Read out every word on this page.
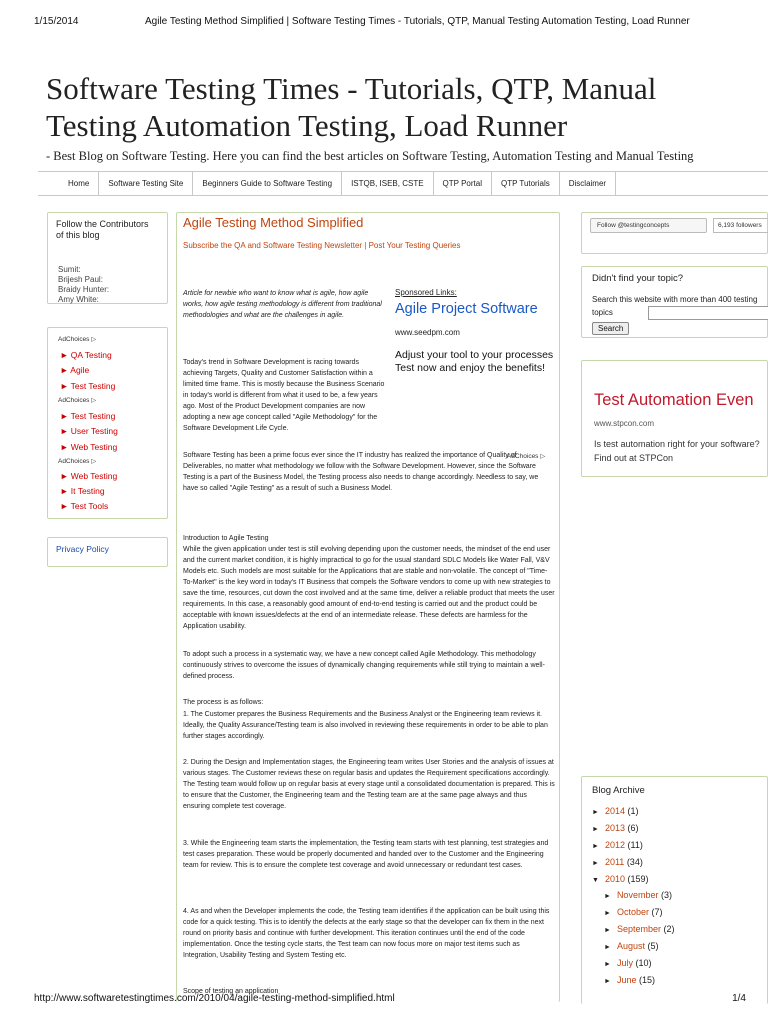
1/15/2014	Agile Testing Method Simplified | Software Testing Times - Tutorials, QTP, Manual Testing Automation Testing, Load Runner
Software Testing Times - Tutorials, QTP, Manual Testing Automation Testing, Load Runner
- Best Blog on Software Testing. Here you can find the best articles on Software Testing, Automation Testing and Manual Testing
Home	Software Testing Site	Beginners Guide to Software Testing	ISTQB, ISEB, CSTE	QTP Portal	QTP Tutorials	Disclaimer
Follow the Contributors of this blog
Sumit:
Brijesh Paul:
Braidy Hunter:
Amy White:
AdChoices ▷
► QA Testing
► Agile
► Test Testing
AdChoices ▷
► Test Testing
► User Testing
► Web Testing
AdChoices ▷
► Web Testing
► It Testing
► Test Tools
Privacy Policy
Agile Testing Method Simplified
Subscribe the QA and Software Testing Newsletter | Post Your Testing Queries
Article for newbie who want to know what is agile, how agile works, how agile testing methodology is different from traditional methodologies and what are the challenges in agile.
Sponsored Links:
Agile Project Software
www.seedpm.com
Adjust your tool to your processes Test now and enjoy the benefits!
AdChoices ▷
Today's trend in Software Development is racing towards achieving Targets, Quality and Customer Satisfaction within a limited time frame. This is mostly because the Business Scenario in today's world is different from what it used to be, a few years ago. Most of the Product Development companies are now adopting a new age concept called "Agile Methodology" for the Software Development Life Cycle.
Software Testing has been a prime focus ever since the IT industry has realized the importance of Quality of Deliverables, no matter what methodology we follow with the Software Development. However, since the Software Testing is a part of the Business Model, the Testing process also needs to change accordingly. Needless to say, we have so called "Agile Testing" as a result of such a Business Model.
Introduction to Agile Testing
While the given application under test is still evolving depending upon the customer needs, the mindset of the end user and the current market condition, it is highly impractical to go for the usual standard SDLC Models like Water Fall, V&V Models etc. Such models are most suitable for the Applications that are stable and non-volatile. The concept of "Time-To-Market" is the key word in today's IT Business that compels the Software vendors to come up with new strategies to save the time, resources, cut down the cost involved and at the same time, deliver a reliable product that meets the user requirements. In this case, a reasonably good amount of end-to-end testing is carried out and the product could be acceptable with known issues/defects at the end of an intermediate release. These defects are harmless for the Application usability.
To adopt such a process in a systematic way, we have a new concept called Agile Methodology. This methodology continuously strives to overcome the issues of dynamically changing requirements while still trying to maintain a well-defined process.
The process is as follows:
1. The Customer prepares the Business Requirements and the Business Analyst or the Engineering team reviews it. Ideally, the Quality Assurance/Testing team is also involved in reviewing these requirements in order to be able to plan further stages accordingly.
2. During the Design and Implementation stages, the Engineering team writes User Stories and the analysis of issues at various stages. The Customer reviews these on regular basis and updates the Requirement specifications accordingly. The Testing team would follow up on regular basis at every stage until a consolidated documentation is prepared. This is to ensure that the Customer, the Engineering team and the Testing team are at the same page always and thus ensuring complete test coverage.
3. While the Engineering team starts the implementation, the Testing team starts with test planning, test strategies and test cases preparation. These would be properly documented and handed over to the Customer and the Engineering team for review. This is to ensure the complete test coverage and avoid unnecessary or redundant test cases.
4. As and when the Developer implements the code, the Testing team identifies if the application can be built using this code for a quick testing. This is to identify the defects at the early stage so that the developer can fix them in the next round on priority basis and continue with further development. This iteration continues until the end of the code implementation. Once the testing cycle starts, the Test team can now focus more on major test items such as Integration, Usability Testing and System Testing etc.
Scope of testing an application
Follow @testingconcepts	6,193 followers
Didn't find your topic?
Search this website with more than 400 testing topics
Search
Test Automation Even
www.stpcon.com
Is test automation right for your software? Find out at STPCon
Blog Archive
► 2014 (1)
► 2013 (6)
► 2012 (11)
► 2011 (34)
▼ 2010 (159)
► November (3)
► October (7)
► September (2)
► August (5)
► July (10)
► June (15)
http://www.softwaretestingtimes.com/2010/04/agile-testing-method-simplified.html	1/4
